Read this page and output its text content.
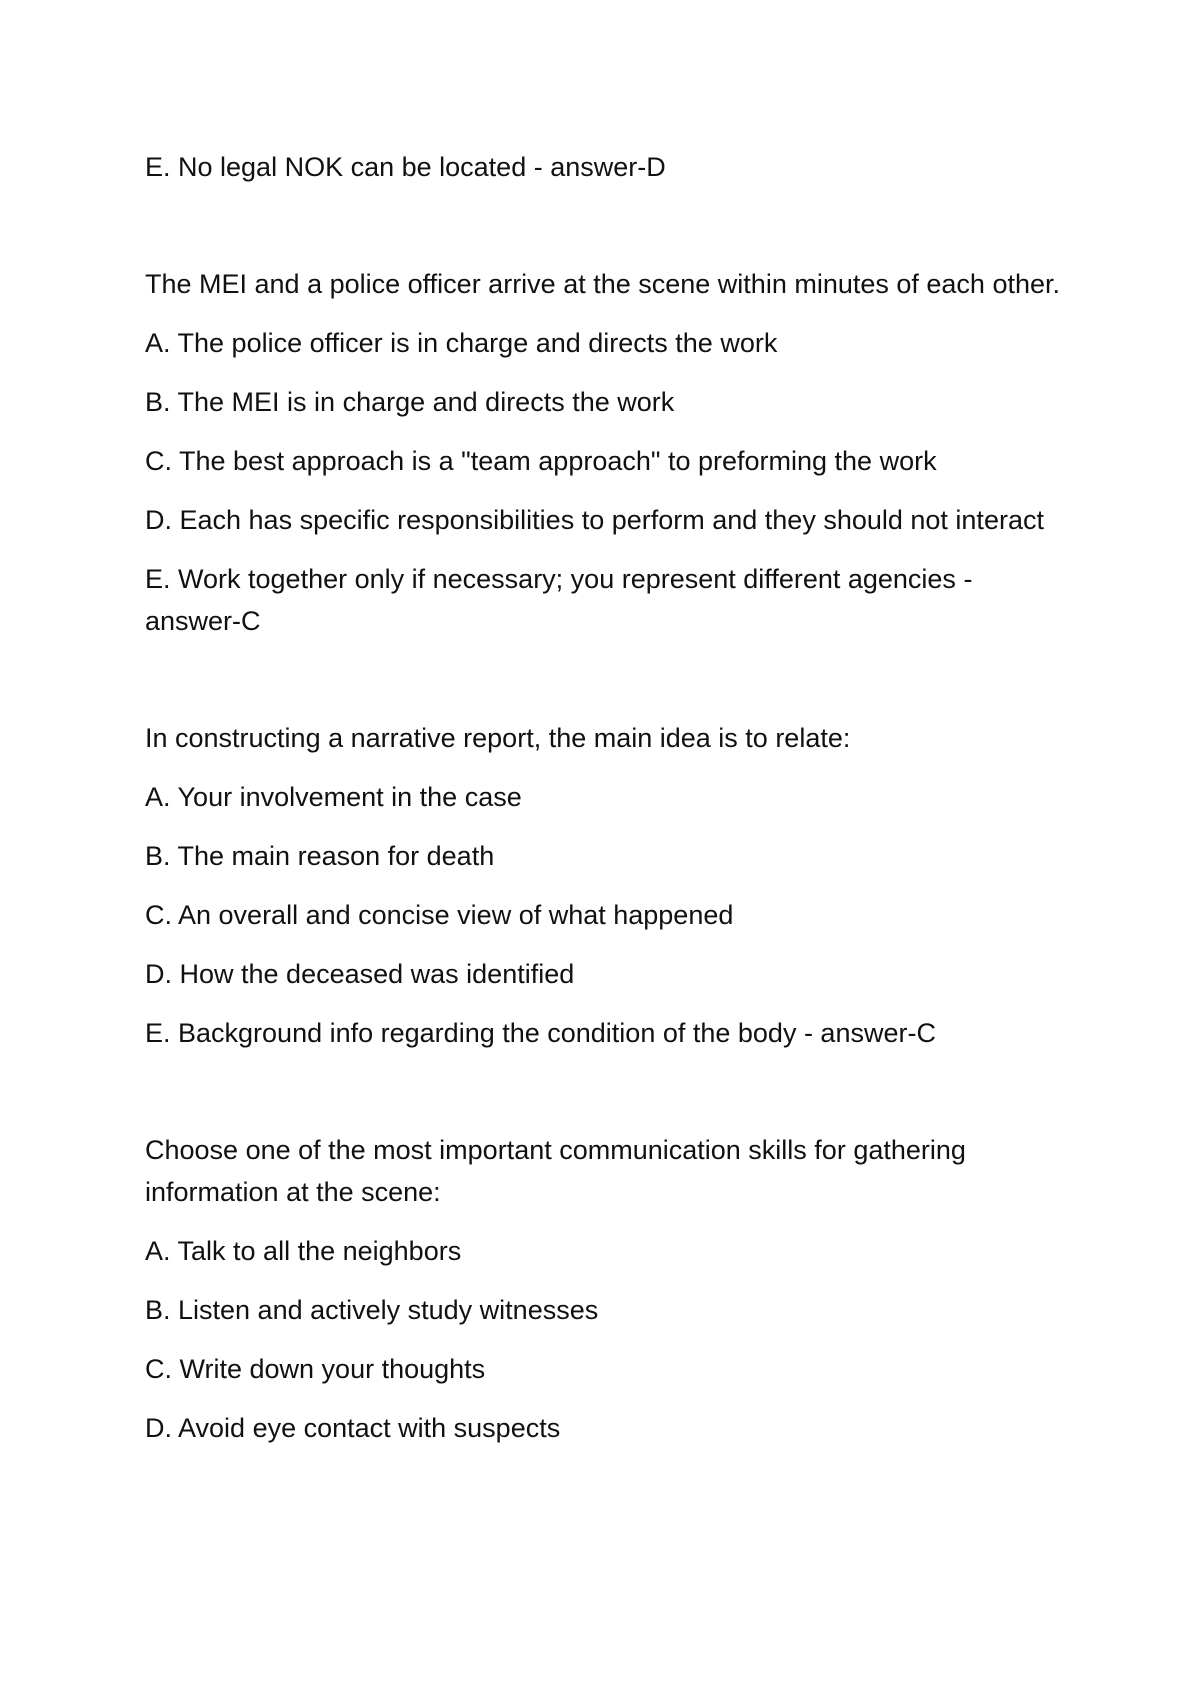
E. No legal NOK can be located - answer-D

The MEI and a police officer arrive at the scene within minutes of each other.

A. The police officer is in charge and directs the work

B. The MEI is in charge and directs the work

C. The best approach is a "team approach" to preforming the work

D. Each has specific responsibilities to perform and they should not interact

E. Work together only if necessary; you represent different agencies - answer-C

In constructing a narrative report, the main idea is to relate:

A. Your involvement in the case

B. The main reason for death

C. An overall and concise view of what happened

D. How the deceased was identified

E. Background info regarding the condition of the body - answer-C

Choose one of the most important communication skills for gathering information at the scene:

A. Talk to all the neighbors

B. Listen and actively study witnesses

C. Write down your thoughts

D. Avoid eye contact with suspects
